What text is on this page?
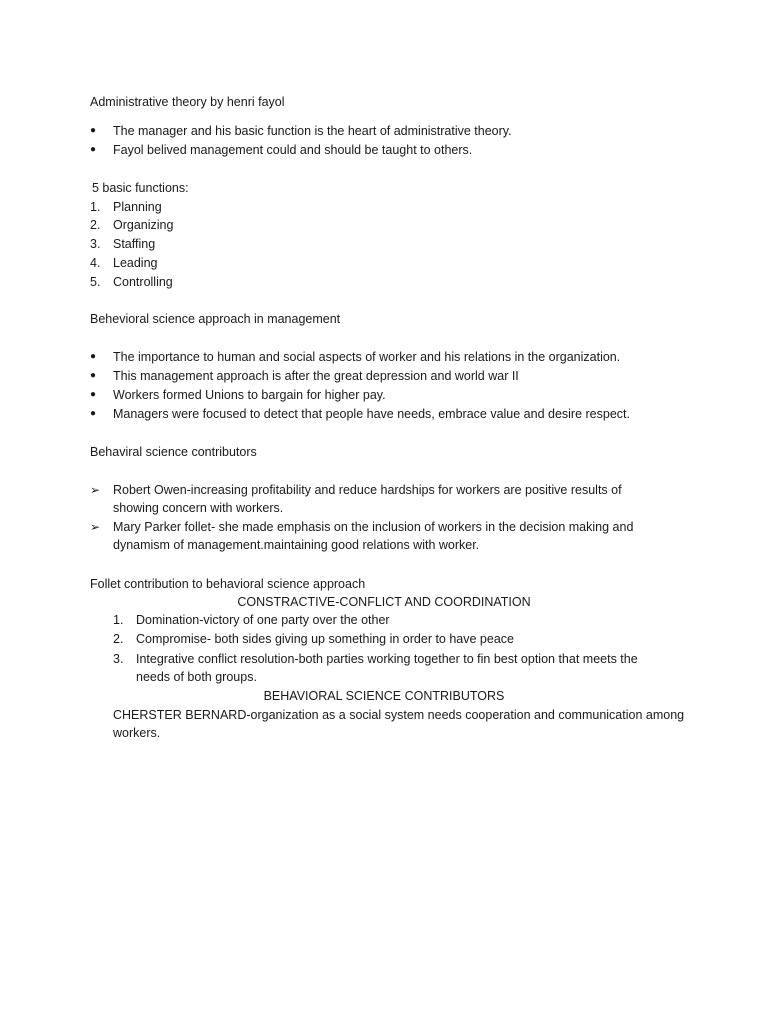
Administrative theory by henri fayol
●	The manager and his basic function is the heart of administrative theory.
●	Fayol belived management could and should be taught to others.
5 basic functions:
1.	Planning
2.	Organizing
3.	Staffing
4.	Leading
5.	Controlling
Behevioral science approach in management
●	The importance to human and social aspects of worker and his relations in the organization.
●	This management approach is after the great depression and world war II
●	Workers formed Unions to bargain for higher pay.
●	Managers were focused to detect that people have needs, embrace value and desire respect.
Behaviral science contributors
➢	Robert Owen-increasing profitability and reduce hardships for workers are positive results of
showing concern with workers.
➢	Mary Parker follet- she made emphasis on the inclusion of workers in the decision making and
dynamism of management.maintaining good relations with worker.
Follet contribution to behavioral science approach
CONSTRACTIVE-CONFLICT AND COORDINATION
1.	Domination-victory of one party over the other
2.	Compromise- both sides giving up something in order to have peace
3.	Integrative conflict resolution-both parties working together to fin best option that meets the
needs of both groups.
BEHAVIORAL SCIENCE CONTRIBUTORS
CHERSTER BERNARD-organization as a social system needs cooperation and communication among
workers.
